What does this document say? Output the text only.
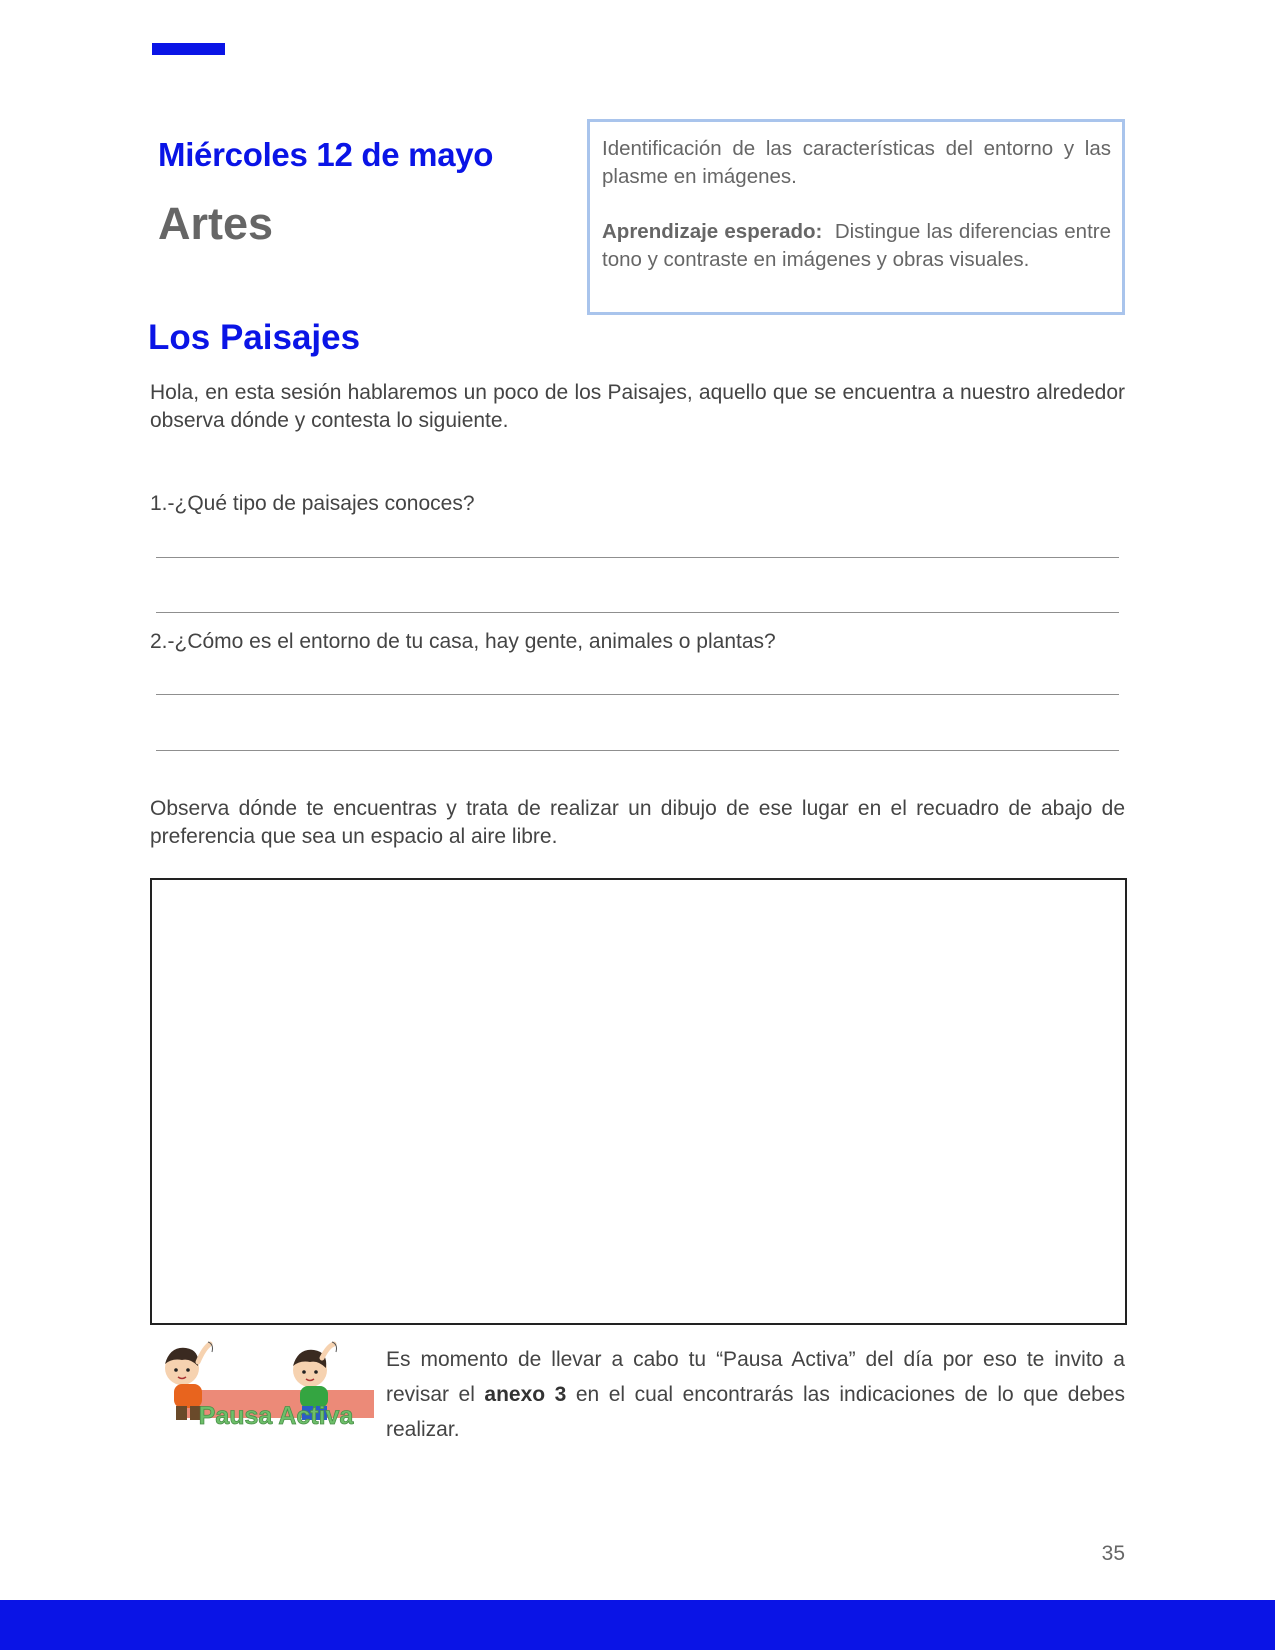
Miércoles 12 de mayo
Artes

Identificación de las características del entorno y las plasme en imágenes.

Aprendizaje esperado: Distingue las diferencias entre tono y contraste en imágenes y obras visuales.

Los Paisajes

Hola, en esta sesión hablaremos un poco de los Paisajes, aquello que se encuentra a nuestro alrededor observa dónde y contesta lo siguiente.

1.-¿Qué tipo de paisajes conoces?

2.-¿Cómo es el entorno de tu casa, hay gente, animales o plantas?

Observa dónde te encuentras y trata de realizar un dibujo de ese lugar en el recuadro de abajo de preferencia que sea un espacio al aire libre.

Pausa Activa

Es momento de llevar a cabo tu “Pausa Activa” del día por eso te invito a revisar el anexo 3 en el cual encontrarás las indicaciones de lo que debes realizar.

35
